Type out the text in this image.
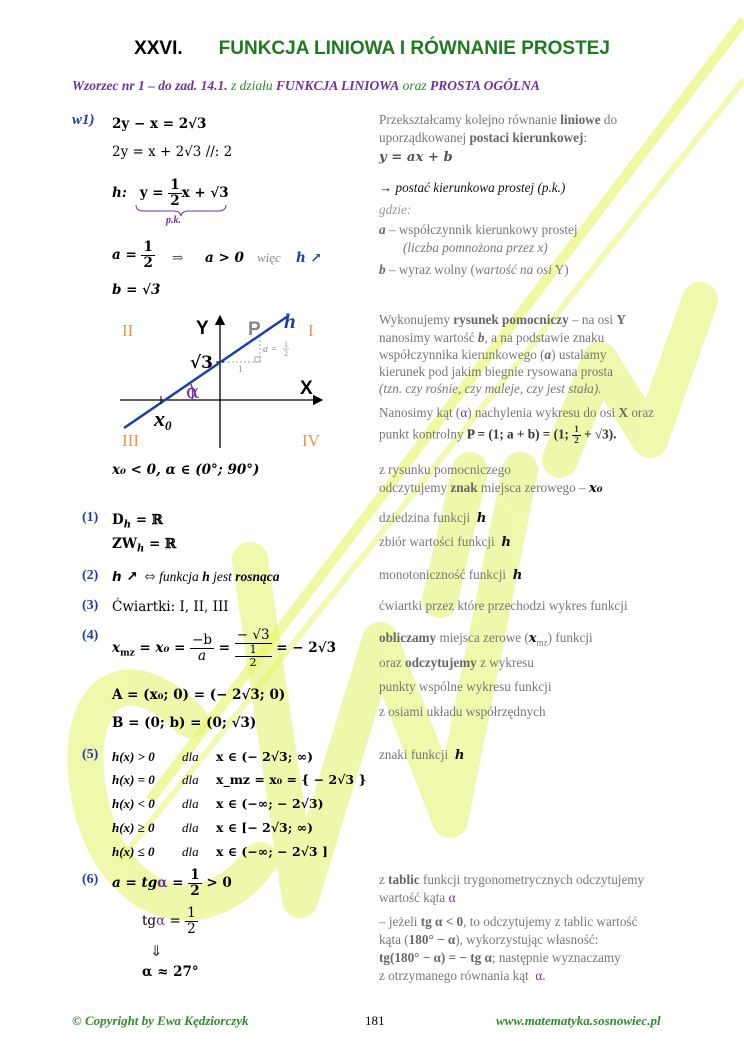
XXVI. FUNKCJA LINIOWA I RÓWNANIE PROSTEJ
Wzorzec nr 1 – do zad. 14.1. z działu FUNKCJA LINIOWA oraz PROSTA OGÓLNA
w1) 2y − x = 2√3
2y = x + 2√3 //: 2
h: $y = \frac{1}{2}$ x + √3
p.k.
$a = \frac{1}{2}$ ⇒ a > 0 więc h ↗
b = √3
II	I
III	IV
Y
X
P h
√3
α
x0
1
a = 1
2
x₀ < 0, α ∈ (0°; 90°)
Przekształcamy kolejno równanie liniowe do
uporządkowanej postaci kierunkowej:
y = ax + b
→ postać kierunkowa prostej (p.k.)
gdzie:
a – współczynnik kierunkowy prostej
(liczba pomnożona przez x)
b – wyraz wolny (wartość na osi Y)
Wykonujemy rysunek pomocniczy – na osi Y
nanosimy wartość b, a na podstawie znaku
współczynnika kierunkowego (a) ustalamy
kierunek pod jakim biegnie rysowana prosta
(tzn. czy rośnie, czy maleje, czy jest stała).
Nanosimy kąt (α) nachylenia wykresu do osi X oraz
punkt kontrolny P = (1; a + b) = (1; $\frac{1}{2} + √3$).
z rysunku pomocniczego
odczytujemy znak miejsca zerowego – x₀
(1) $D_h$ = ℝ
$ZW_h$ = ℝ
dziedzina funkcji h
zbiór wartości funkcji h
(2) h ↗ ⇔ funkcja h jest rosnąca	monotoniczność funkcji h
(3) Ćwiartki: I, II, III	ćwiartki przez które przechodzi wykres funkcji
(4)
$x_{mz} = x_0 = \frac{-b}{a}$ = − √3
1
2 = − 2√3
A = (x₀; 0) = (− 2√3; 0)
B = (0; b) = (0; √3)
obliczamy miejsca zerowe $(x_{mz})$ funkcji
oraz odczytujemy z wykresu
punkty wspólne wykresu funkcji
z osiami układu współrzędnych
(5)	znaki funkcji h
h(x) > 0 dla x ∈ (− 2√3; ∞)
h(x) = 0 dla x_mz = x₀ = { − 2√3 }
h(x) < 0 dla x ∈ (−∞; − 2√3)
h(x) ≥ 0 dla x ∈ [− 2√3; ∞)
h(x) ≤ 0 dla x ∈ (−∞; − 2√3 ]
(6) $a = tg\alpha = \frac{1}{2} > 0$
$tg\alpha = \frac{1}{2}$
⇓
α ≈ 27°
z tablic funkcji trygonometrycznych odczytujemy
wartość kąta α
– jeżeli tg α < 0, to odczytujemy z tablic wartość
kąta (180° − α), wykorzystując własność:
tg(180° − α) = − tg α; następnie wyznaczamy
z otrzymanego równania kąt α.
© Copyright by Ewa Kędziorczyk	181	www.matematyka.sosnowiec.pl
